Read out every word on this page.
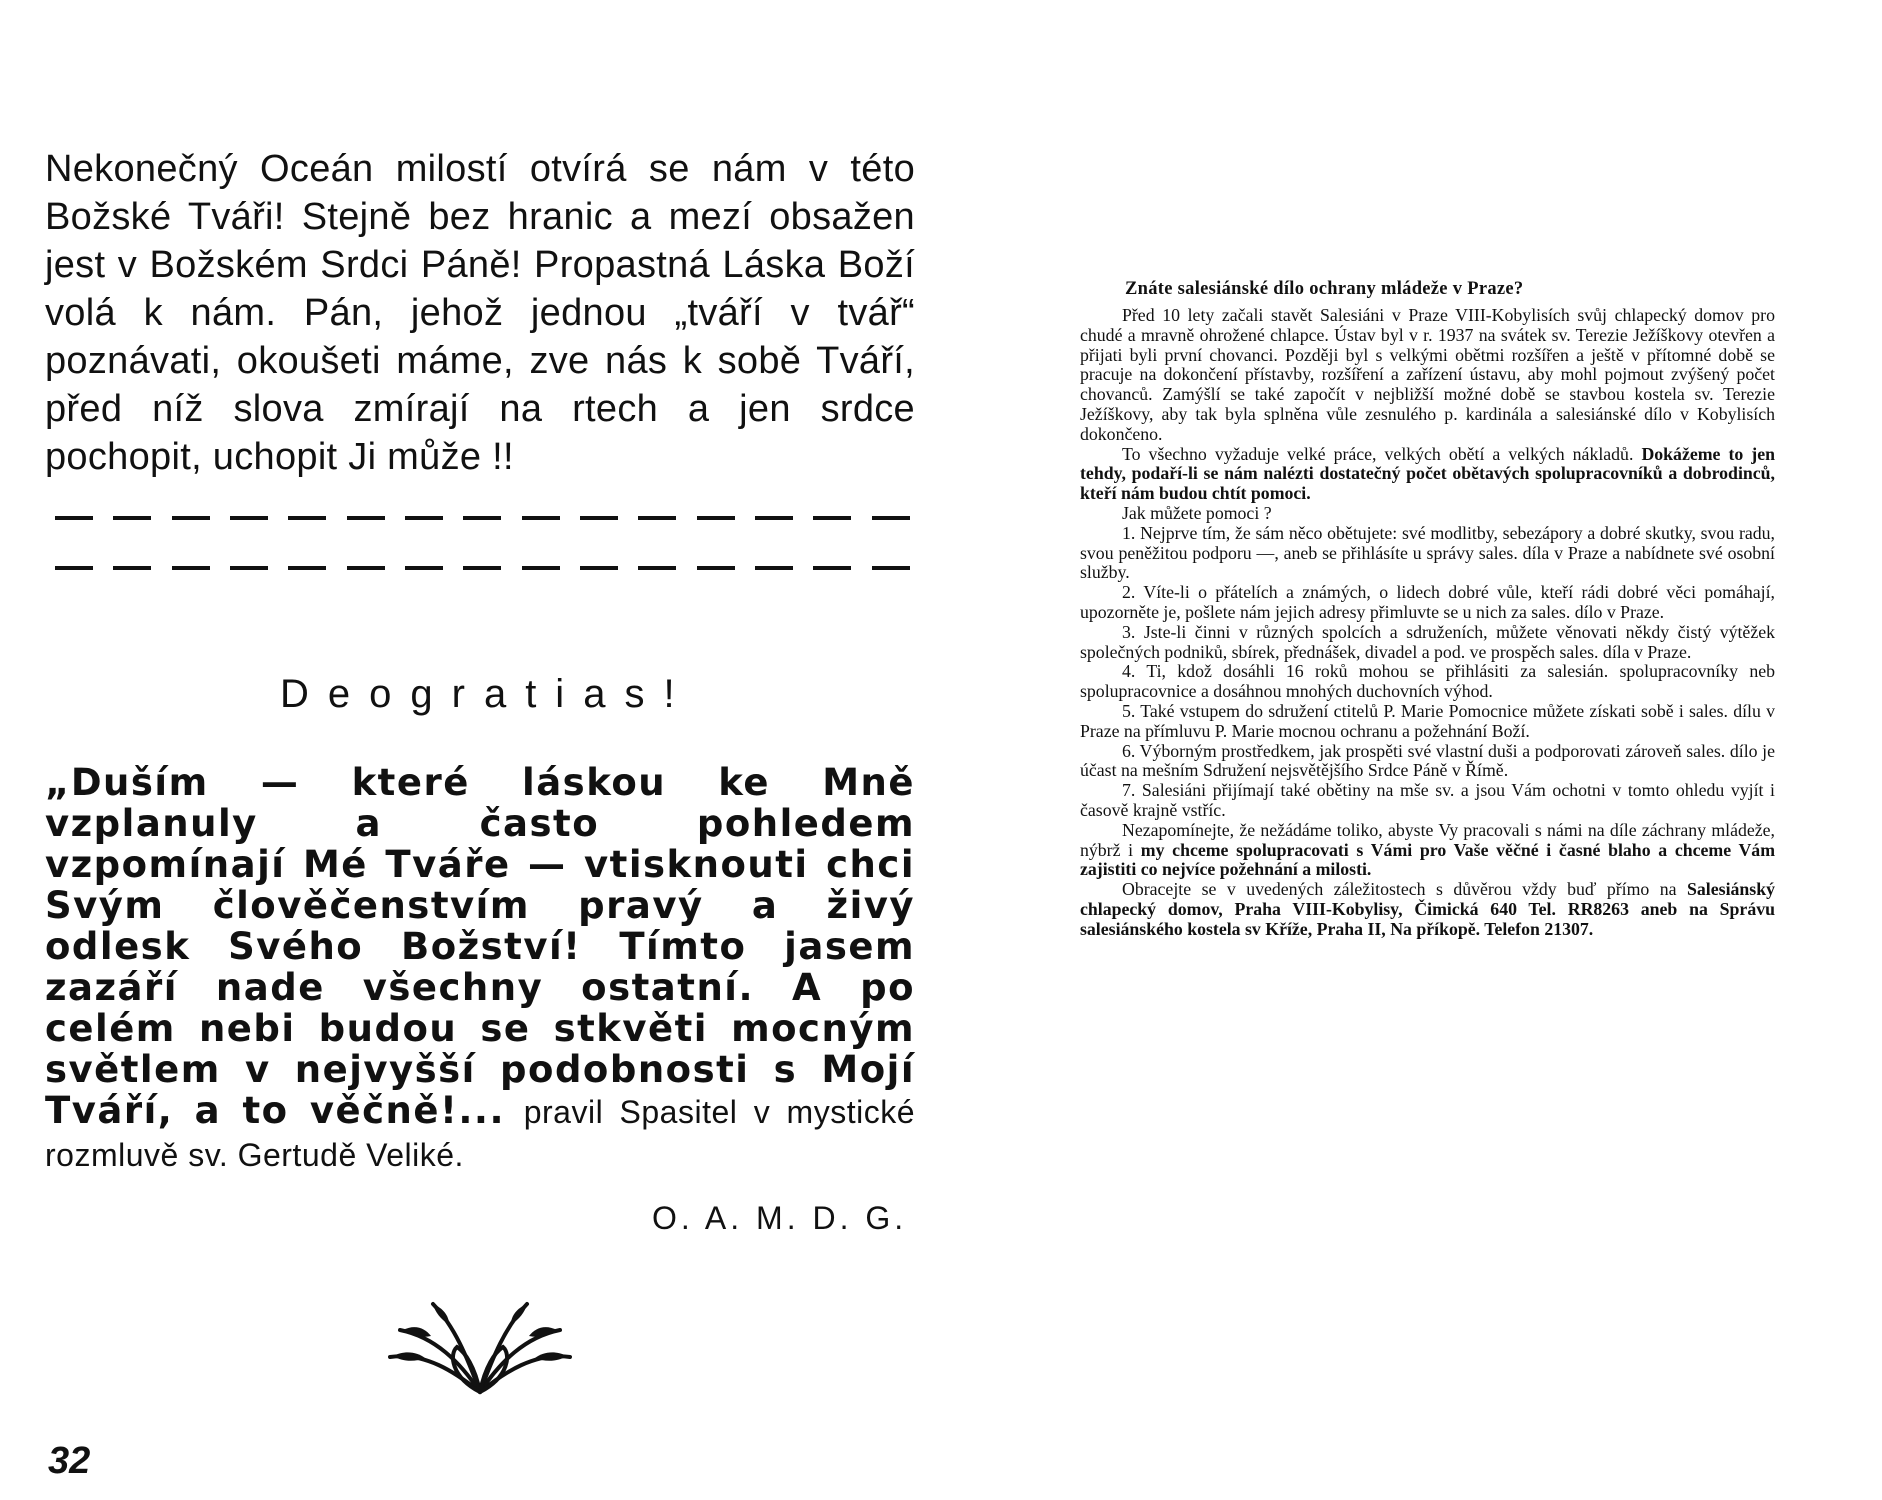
Nekonečný Oceán milostí otvírá se nám v této Božské Tváři! Stejně bez hranic a mezí obsažen jest v Božském Srdci Páně! Propastná Láska Boží volá k nám. Pán, jehož jednou „tváří v tvář“ poznávati, okoušeti máme, zve nás k sobě Tváří, před níž slova zmírají na rtech a jen srdce pochopit, uchopit Ji může !!

Deogratias!

„Duším — které láskou ke Mně vzplanuly a často pohledem vzpomínají Mé Tváře — vtisknouti chci Svým člověčenstvím pravý a živý odlesk Svého Božství! Tímto jasem zazáří nade všechny ostatní. A po celém nebi budou se stkvěti mocným světlem v nejvyšší podobnosti s Mojí Tváří, a to věčně!... pravil Spasitel v mystické rozmluvě sv. Gertudě Veliké.

O. A. M. D. G.

32

Znáte salesiánské dílo ochrany mládeže v Praze?

Před 10 lety začali stavět Salesiáni v Praze VIII-Kobylisích svůj chlapecký domov pro chudé a mravně ohrožené chlapce. Ústav byl v r. 1937 na svátek sv. Terezie Ježíškovy otevřen a přijati byli první chovanci. Později byl s velkými obětmi rozšířen a ještě v přítomné době se pracuje na dokončení přístavby, rozšíření a zařízení ústavu, aby mohl pojmout zvýšený počet chovanců. Zamýšlí se také započít v nejbližší možné době se stavbou kostela sv. Terezie Ježíškovy, aby tak byla splněna vůle zesnulého p. kardinála a salesiánské dílo v Kobylisích dokončeno.

To všechno vyžaduje velké práce, velkých obětí a velkých nákladů. Dokážeme to jen tehdy, podaří-li se nám nalézti dostatečný počet obětavých spolupracovníků a dobrodinců, kteří nám budou chtít pomoci.

Jak můžete pomoci ?

1. Nejprve tím, že sám něco obětujete: své modlitby, sebezápory a dobré skutky, svou radu, svou peněžitou podporu —, aneb se přihlásíte u správy sales. díla v Praze a nabídnete své osobní služby.

2. Víte-li o přátelích a známých, o lidech dobré vůle, kteří rádi dobré věci pomáhají, upozorněte je, pošlete nám jejich adresy přimluvte se u nich za sales. dílo v Praze.

3. Jste-li činni v různých spolcích a sdruženích, můžete věnovati někdy čistý výtěžek společných podniků, sbírek, přednášek, divadel a pod. ve prospěch sales. díla v Praze.

4. Ti, kdož dosáhli 16 roků mohou se přihlásiti za salesián. spolupracovníky neb spolupracovnice a dosáhnou mnohých duchovních výhod.

5. Také vstupem do sdružení ctitelů P. Marie Pomocnice můžete získati sobě i sales. dílu v Praze na přímluvu P. Marie mocnou ochranu a požehnání Boží.

6. Výborným prostředkem, jak prospěti své vlastní duši a podporovati zároveň sales. dílo je účast na mešním Sdružení nejsvětějšího Srdce Páně v Římě.

7. Salesiáni přijímají také obětiny na mše sv. a jsou Vám ochotni v tomto ohledu vyjít i časově krajně vstříc.

Nezapomínejte, že nežádáme toliko, abyste Vy pracovali s námi na díle záchrany mládeže, nýbrž i my chceme spolupracovati s Vámi pro Vaše věčné i časné blaho a chceme Vám zajistiti co nejvíce požehnání a milosti.

Obracejte se v uvedených záležitostech s důvěrou vždy buď přímo na Salesiánský chlapecký domov, Praha VIII-Kobylisy, Čimická 640 Tel. RR8263 aneb na Správu salesiánského kostela sv Kříže, Praha II, Na příkopě. Telefon 21307.
